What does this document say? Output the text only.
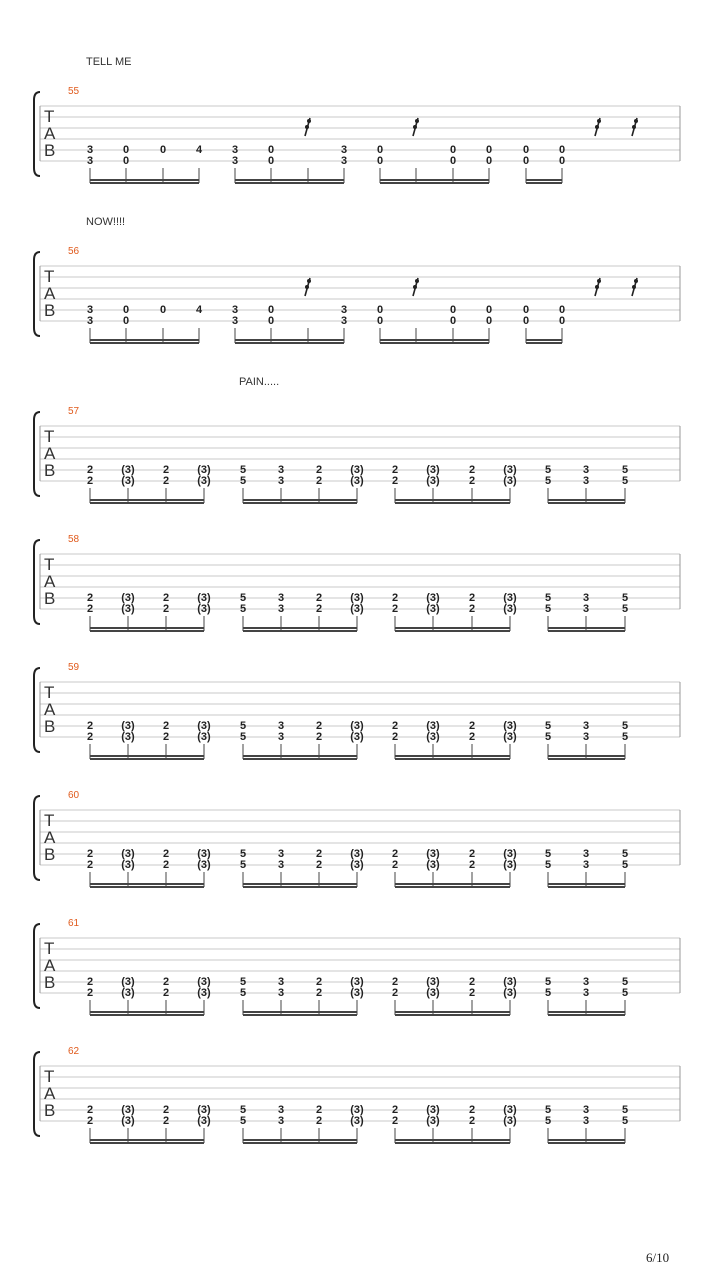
TELL ME
NOW!!!!
PAIN.....
55
T
A
B	3
3
0
0
0	4	3
3
0
0
3
3
0
0
0
0
0
0
0
0
0
0
56
T
A
B	3
3
0
0
0	4	3
3
0
0
3
3
0
0
0
0
0
0
0
0
0
0
57
T
A
B	2
2
(3)
(3)
2
2
(3)
(3)
5
5
3
3
2
2
(3)
(3)
2
2
(3)
(3)
2
2
(3)
(3)
5
5
3
3
5
5
58
T
A
B	2
2
(3)
(3)
2
2
(3)
(3)
5
5
3
3
2
2
(3)
(3)
2
2
(3)
(3)
2
2
(3)
(3)
5
5
3
3
5
5
59
T
A
B	2
2
(3)
(3)
2
2
(3)
(3)
5
5
3
3
2
2
(3)
(3)
2
2
(3)
(3)
2
2
(3)
(3)
5
5
3
3
5
5
60
T
A
B	2
2
(3)
(3)
2
2
(3)
(3)
5
5
3
3
2
2
(3)
(3)
2
2
(3)
(3)
2
2
(3)
(3)
5
5
3
3
5
5
61
T
A
B	2
2
(3)
(3)
2
2
(3)
(3)
5
5
3
3
2
2
(3)
(3)
2
2
(3)
(3)
2
2
(3)
(3)
5
5
3
3
5
5
62
T
A
B	2
2
(3)
(3)
2
2
(3)
(3)
5
5
3
3
2
2
(3)
(3)
2
2
(3)
(3)
2
2
(3)
(3)
5
5
3
3
5
5
6/10
